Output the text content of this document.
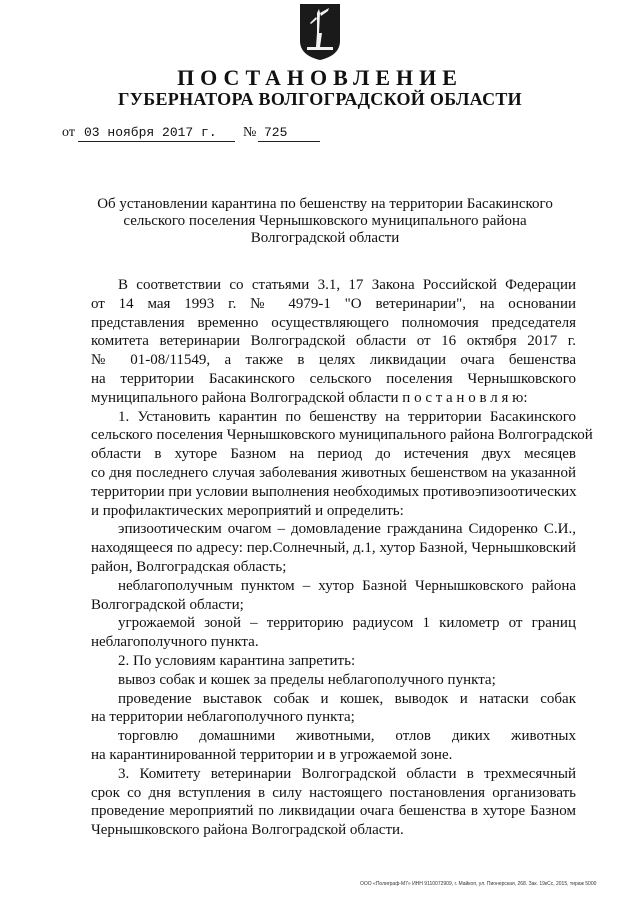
ПОСТАНОВЛЕНИЕ
ГУБЕРНАТОРА ВОЛГОГРАДСКОЙ ОБЛАСТИ
от 03 ноября 2017 г.	№ 725
Об установлении карантина по бешенству на территории Басакинского
сельского поселения Чернышковского муниципального района
Волгоградской области
В соответствии со статьями 3.1, 17 Закона Российской Федерации
от 14 мая 1993 г. № 4979-1 "О ветеринарии", на основании
представления временно осуществляющего полномочия председателя
комитета ветеринарии Волгоградской области от 16 октября 2017 г.
№ 01-08/11549, а также в целях ликвидации очага бешенства
на территории Басакинского сельского поселения Чернышковского
муниципального района Волгоградской области п о с т а н о в л я ю:
1. Установить карантин по бешенству на территории Басакинского
сельского поселения Чернышковского муниципального района Волгоградской
области в хуторе Базном на период до истечения двух месяцев
со дня последнего случая заболевания животных бешенством на указанной
территории при условии выполнения необходимых противоэпизоотических
и профилактических мероприятий и определить:
эпизоотическим очагом – домовладение гражданина Сидоренко С.И.,
находящееся по адресу: пер.Солнечный, д.1, хутор Базной, Чернышковский
район, Волгоградская область;
неблагополучным пунктом – хутор Базной Чернышковского района
Волгоградской области;
угрожаемой зоной – территорию радиусом 1 километр от границ
неблагополучного пункта.
2. По условиям карантина запретить:
вывоз собак и кошек за пределы неблагополучного пункта;
проведение выставок собак и кошек, выводок и натаски собак
на территории неблагополучного пункта;
торговлю домашними животными, отлов диких животных
на карантинированной территории и в угрожаемой зоне.
3. Комитету ветеринарии Волгоградской области в трехмесячный
срок со дня вступления в силу настоящего постановления организовать
проведение мероприятий по ликвидации очага бешенства в хуторе Базном
Чернышковского района Волгоградской области.
ООО «Полиграф-М7» ИНН 9110072909, г. Майкоп, ул. Пионерская, 268. Зак. 19кСс, 2015, тираж 5000
